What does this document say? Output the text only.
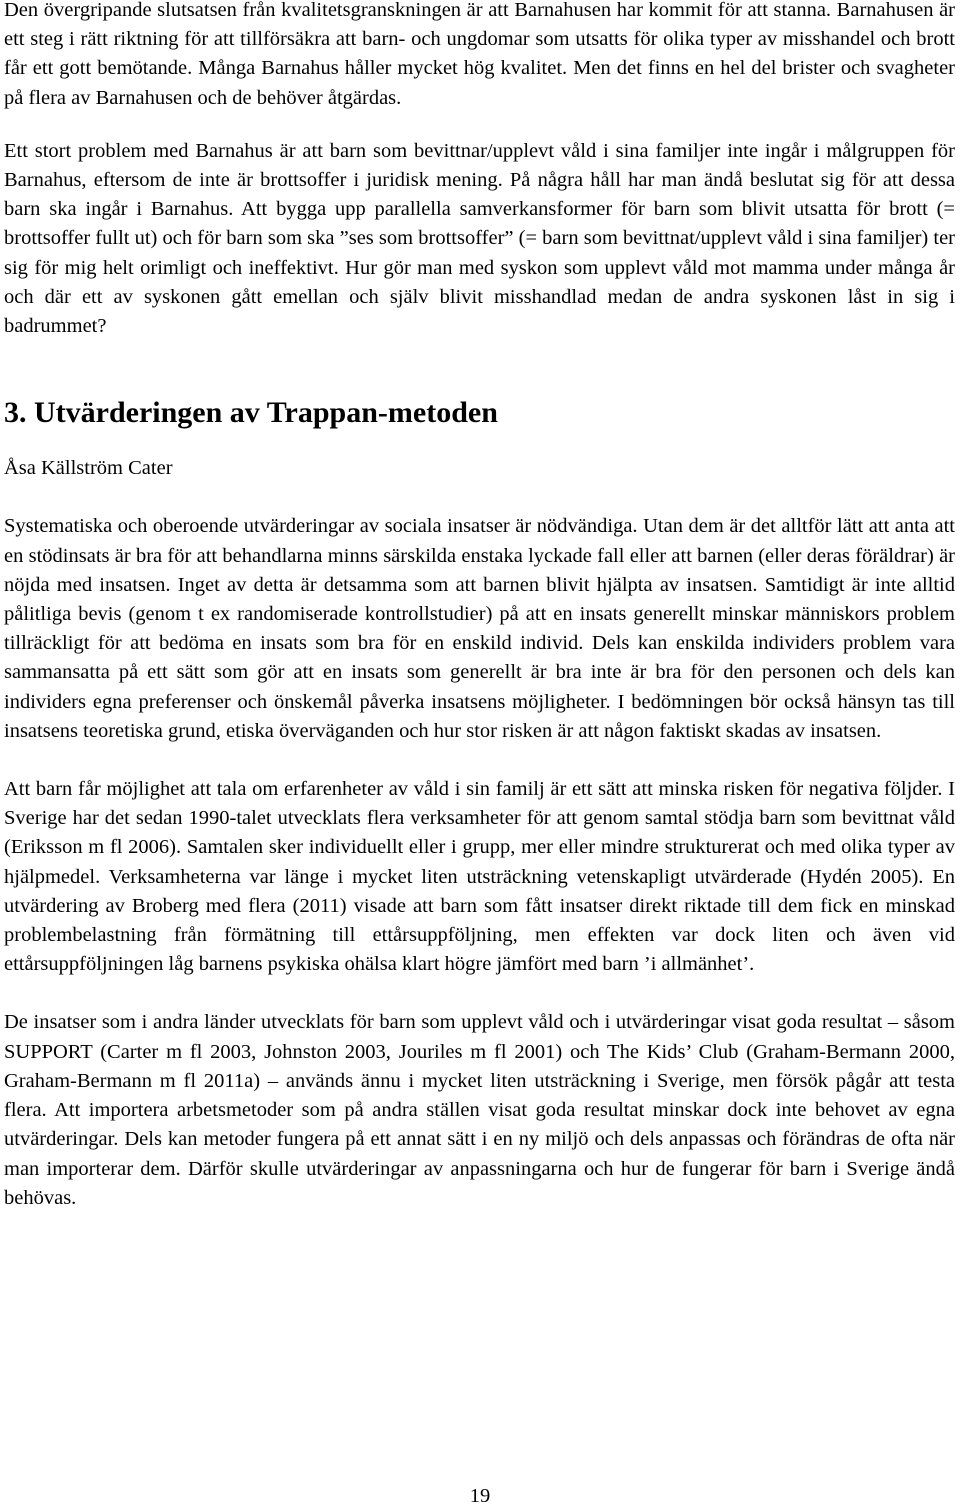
Den övergripande slutsatsen från kvalitetsgranskningen är att Barnahusen har kommit för att stanna. Barnahusen är ett steg i rätt riktning för att tillförsäkra att barn- och ungdomar som utsatts för olika typer av misshandel och brott får ett gott bemötande. Många Barnahus håller mycket hög kvalitet. Men det finns en hel del brister och svagheter på flera av Barnahusen och de behöver åtgärdas.

Ett stort problem med Barnahus är att barn som bevittnar/upplevt våld i sina familjer inte ingår i målgruppen för Barnahus, eftersom de inte är brottsoffer i juridisk mening. På några håll har man ändå beslutat sig för att dessa barn ska ingår i Barnahus. Att bygga upp parallella samverkansformer för barn som blivit utsatta för brott (= brottsoffer fullt ut) och för barn som ska ”ses som brottsoffer” (= barn som bevittnat/upplevt våld i sina familjer) ter sig för mig helt orimligt och ineffektivt. Hur gör man med syskon som upplevt våld mot mamma under många år och där ett av syskonen gått emellan och själv blivit misshandlad medan de andra syskonen låst in sig i badrummet?

3. Utvärderingen av Trappan-metoden

Åsa Källström Cater

Systematiska och oberoende utvärderingar av sociala insatser är nödvändiga. Utan dem är det alltför lätt att anta att en stödinsats är bra för att behandlarna minns särskilda enstaka lyckade fall eller att barnen (eller deras föräldrar) är nöjda med insatsen. Inget av detta är detsamma som att barnen blivit hjälpta av insatsen. Samtidigt är inte alltid pålitliga bevis (genom t ex randomiserade kontrollstudier) på att en insats generellt minskar människors problem tillräckligt för att bedöma en insats som bra för en enskild individ. Dels kan enskilda individers problem vara sammansatta på ett sätt som gör att en insats som generellt är bra inte är bra för den personen och dels kan individers egna preferenser och önskemål påverka insatsens möjligheter. I bedömningen bör också hänsyn tas till insatsens teoretiska grund, etiska överväganden och hur stor risken är att någon faktiskt skadas av insatsen.

Att barn får möjlighet att tala om erfarenheter av våld i sin familj är ett sätt att minska risken för negativa följder. I Sverige har det sedan 1990-talet utvecklats flera verksamheter för att genom samtal stödja barn som bevittnat våld (Eriksson m fl 2006). Samtalen sker individuellt eller i grupp, mer eller mindre strukturerat och med olika typer av hjälpmedel. Verksamheterna var länge i mycket liten utsträckning vetenskapligt utvärderade (Hydén 2005). En utvärdering av Broberg med flera (2011) visade att barn som fått insatser direkt riktade till dem fick en minskad problembelastning från förmätning till ettårsuppföljning, men effekten var dock liten och även vid ettårsuppföljningen låg barnens psykiska ohälsa klart högre jämfört med barn ’i allmänhet’.

De insatser som i andra länder utvecklats för barn som upplevt våld och i utvärderingar visat goda resultat – såsom SUPPORT (Carter m fl 2003, Johnston 2003, Jouriles m fl 2001) och The Kids’ Club (Graham-Bermann 2000, Graham-Bermann m fl 2011a) – används ännu i mycket liten utsträckning i Sverige, men försök pågår att testa flera. Att importera arbetsmetoder som på andra ställen visat goda resultat minskar dock inte behovet av egna utvärderingar. Dels kan metoder fungera på ett annat sätt i en ny miljö och dels anpassas och förändras de ofta när man importerar dem. Därför skulle utvärderingar av anpassningarna och hur de fungerar för barn i Sverige ändå behövas.

19
